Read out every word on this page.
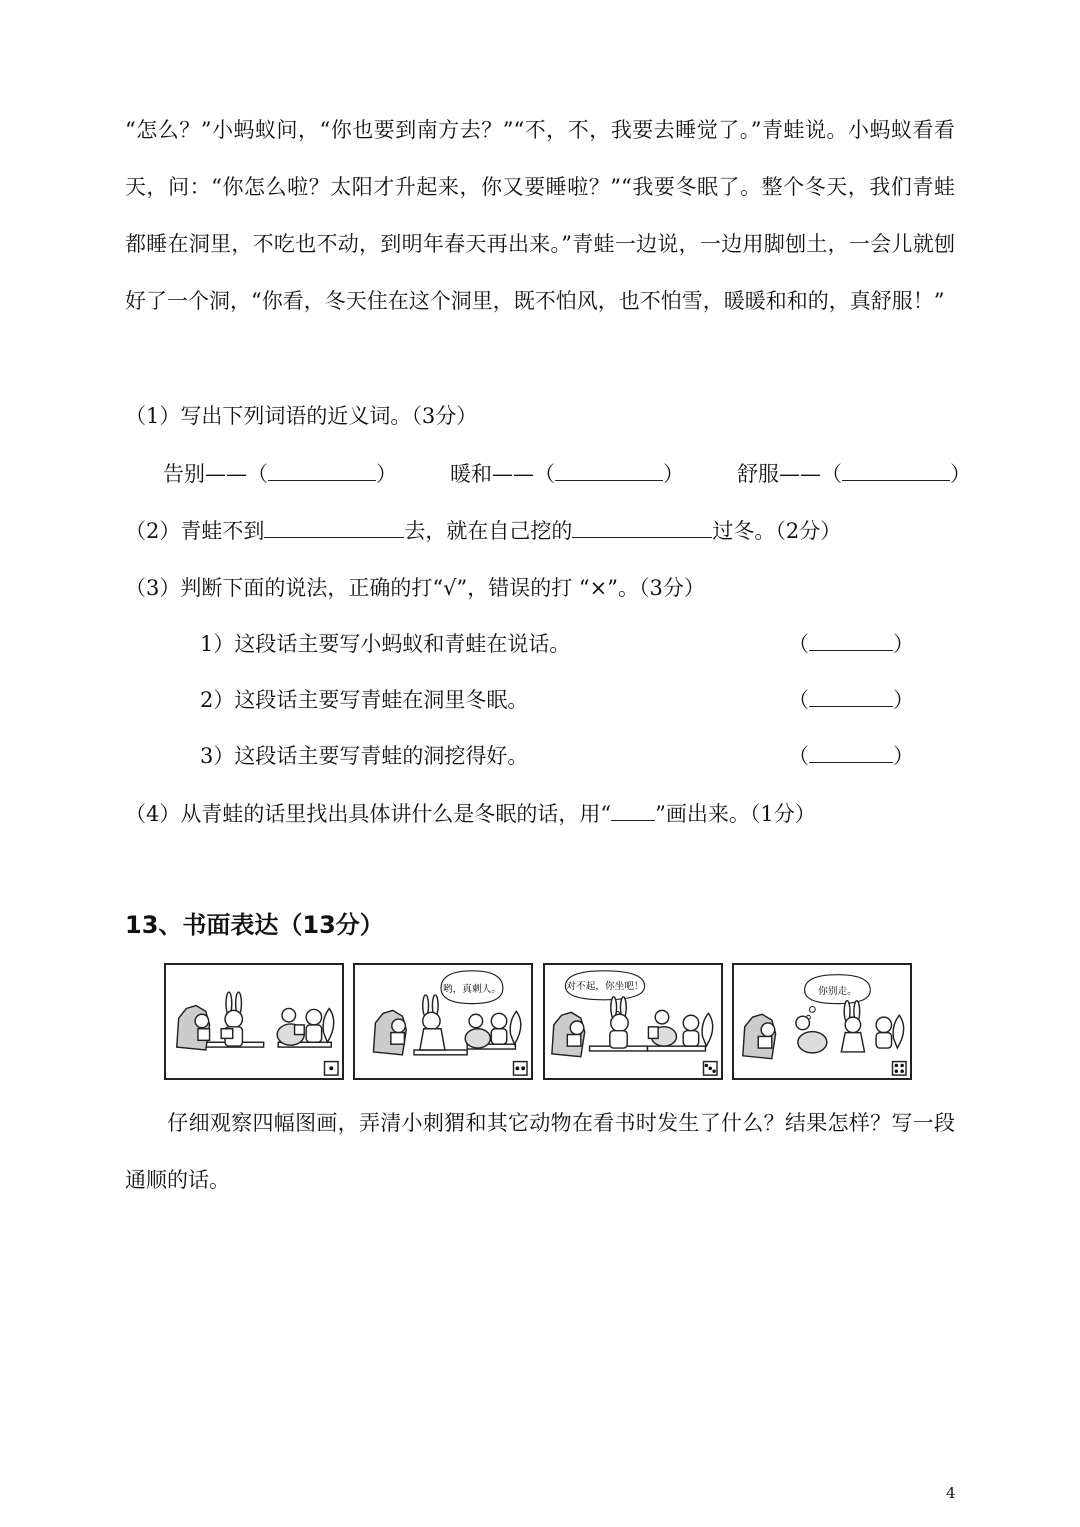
“怎么？”小蚂蚁问，“你也要到南方去？”“不，不，我要去睡觉了。”青蛙说。小蚂蚁看看天，问：“你怎么啦？太阳才升起来，你又要睡啦？”“我要冬眠了。整个冬天，我们青蛙都睡在洞里，不吃也不动，到明年春天再出来。”青蛙一边说，一边用脚刨土，一会儿就刨好了一个洞，“你看，冬天住在这个洞里，既不怕风，也不怕雪，暖暖和和的，真舒服！”
（1）写出下列词语的近义词。（3分）
告别——（	）	暖和——（	）	舒服——（	）
（2）青蛙不到	去，就在自己挖的	过冬。（2分）
（3）判断下面的说法，正确的打“√”，错误的打 “×”。（3分）
1）这段话主要写小蚂蚁和青蛙在说话。	（	）
2）这段话主要写青蛙在洞里冬眠。	（	）
3）这段话主要写青蛙的洞挖得好。	（	）
（4）从青蛙的话里找出具体讲什么是冬眠的话，用“ ”画出来。（1分）
13、书面表达（13分）
哟，真刺人。	对不起，你坐吧！	你别走。
仔细观察四幅图画，弄清小刺猬和其它动物在看书时发生了什么？结果怎样？写一段通顺的话。
4
